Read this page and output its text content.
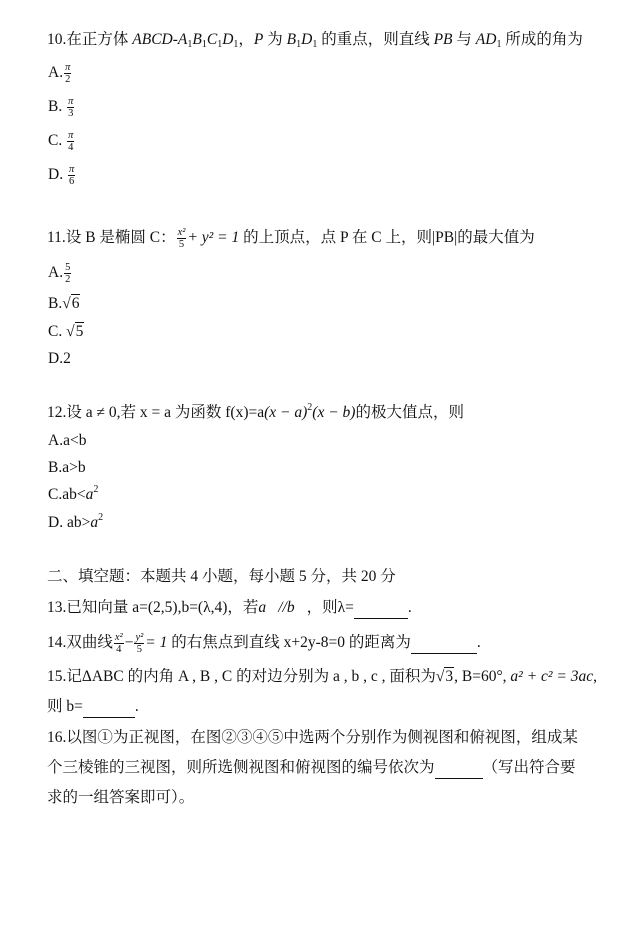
10.在正方体 ABCD-$A_1B_1C_1D_1$，P 为 $B_1D_1$ 的重点，则直线 PB 与 $AD_1$ 所成的角为
A. $\frac{\pi}{2}$
B. $\frac{\pi}{3}$
C. $\frac{\pi}{4}$
D. $\frac{\pi}{6}$
11.设 B 是椭圆 C： $\frac{\text{x²}}{5} + y^2 = 1$ 的上顶点，点 P 在 C 上，则|PB|的最大值为
A. $\frac{5}{2}$
B.√6
C. √5
D.2
12.设 a ≠ 0,若 x = a 为函数 $f(x)=a(x - a)^2(x - b)$的极大值点，则
A.a<b
B.a>b
$C.ab<a^2$
D. $ab>a^2$
二、填空题：本题共 4 小题，每小题 5 分，共 20 分
13.已知向量 a=(2,5),b=(λ,4)，若a⃗//b⃗，则λ=	.
14.双曲线 $\frac{\text{x²}}{4} - \frac{\text{y²}}{5} = 1$ 的右焦点到直线 x+2y-8=0 的距离为	.
15.记ΔABC 的内角 A , B , C 的对边分别为 a , b , c , 面积为√3, B=60°, a² + c² = 3ac,
则 b=	.
16.以图①为正视图，在图②③④⑤中选两个分别作为侧视图和俯视图，组成某
个三棱锥的三视图，则所选侧视图和俯视图的编号依次为	（写出符合要
求的一组答案即可）。
